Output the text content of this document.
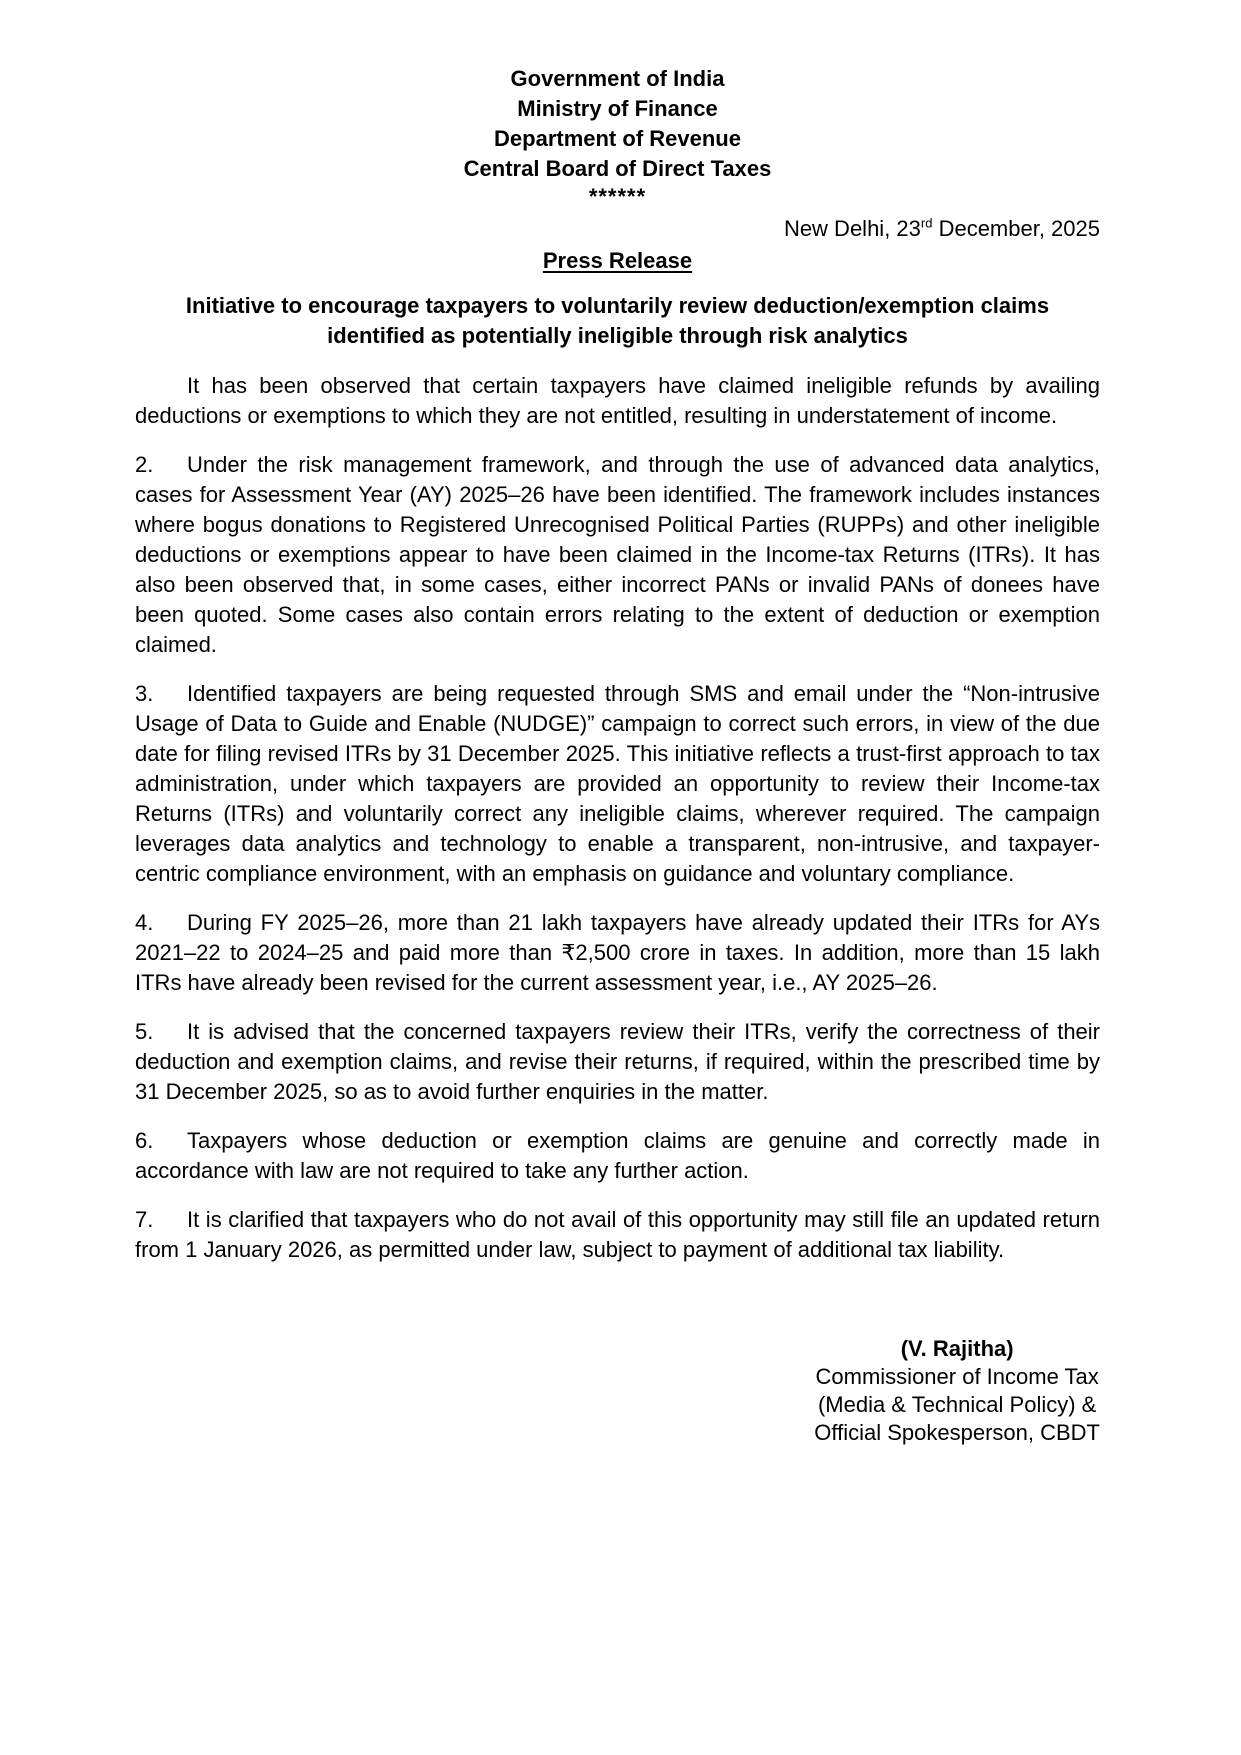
Government of India
Ministry of Finance
Department of Revenue
Central Board of Direct Taxes
******
New Delhi, 23rd December, 2025
Press Release
Initiative to encourage taxpayers to voluntarily review deduction/exemption claims
identified as potentially ineligible through risk analytics

It has been observed that certain taxpayers have claimed ineligible refunds by availing deductions or exemptions to which they are not entitled, resulting in understatement of income.

2. Under the risk management framework, and through the use of advanced data analytics, cases for Assessment Year (AY) 2025–26 have been identified. The framework includes instances where bogus donations to Registered Unrecognised Political Parties (RUPPs) and other ineligible deductions or exemptions appear to have been claimed in the Income-tax Returns (ITRs). It has also been observed that, in some cases, either incorrect PANs or invalid PANs of donees have been quoted. Some cases also contain errors relating to the extent of deduction or exemption claimed.

3. Identified taxpayers are being requested through SMS and email under the “Non-intrusive Usage of Data to Guide and Enable (NUDGE)” campaign to correct such errors, in view of the due date for filing revised ITRs by 31 December 2025. This initiative reflects a trust-first approach to tax administration, under which taxpayers are provided an opportunity to review their Income-tax Returns (ITRs) and voluntarily correct any ineligible claims, wherever required. The campaign leverages data analytics and technology to enable a transparent, non-intrusive, and taxpayer-centric compliance environment, with an emphasis on guidance and voluntary compliance.

4. During FY 2025–26, more than 21 lakh taxpayers have already updated their ITRs for AYs 2021–22 to 2024–25 and paid more than ₹2,500 crore in taxes. In addition, more than 15 lakh ITRs have already been revised for the current assessment year, i.e., AY 2025–26.

5. It is advised that the concerned taxpayers review their ITRs, verify the correctness of their deduction and exemption claims, and revise their returns, if required, within the prescribed time by 31 December 2025, so as to avoid further enquiries in the matter.

6. Taxpayers whose deduction or exemption claims are genuine and correctly made in accordance with law are not required to take any further action.

7. It is clarified that taxpayers who do not avail of this opportunity may still file an updated return from 1 January 2026, as permitted under law, subject to payment of additional tax liability.

(V. Rajitha)
Commissioner of Income Tax
(Media & Technical Policy) &
Official Spokesperson, CBDT
